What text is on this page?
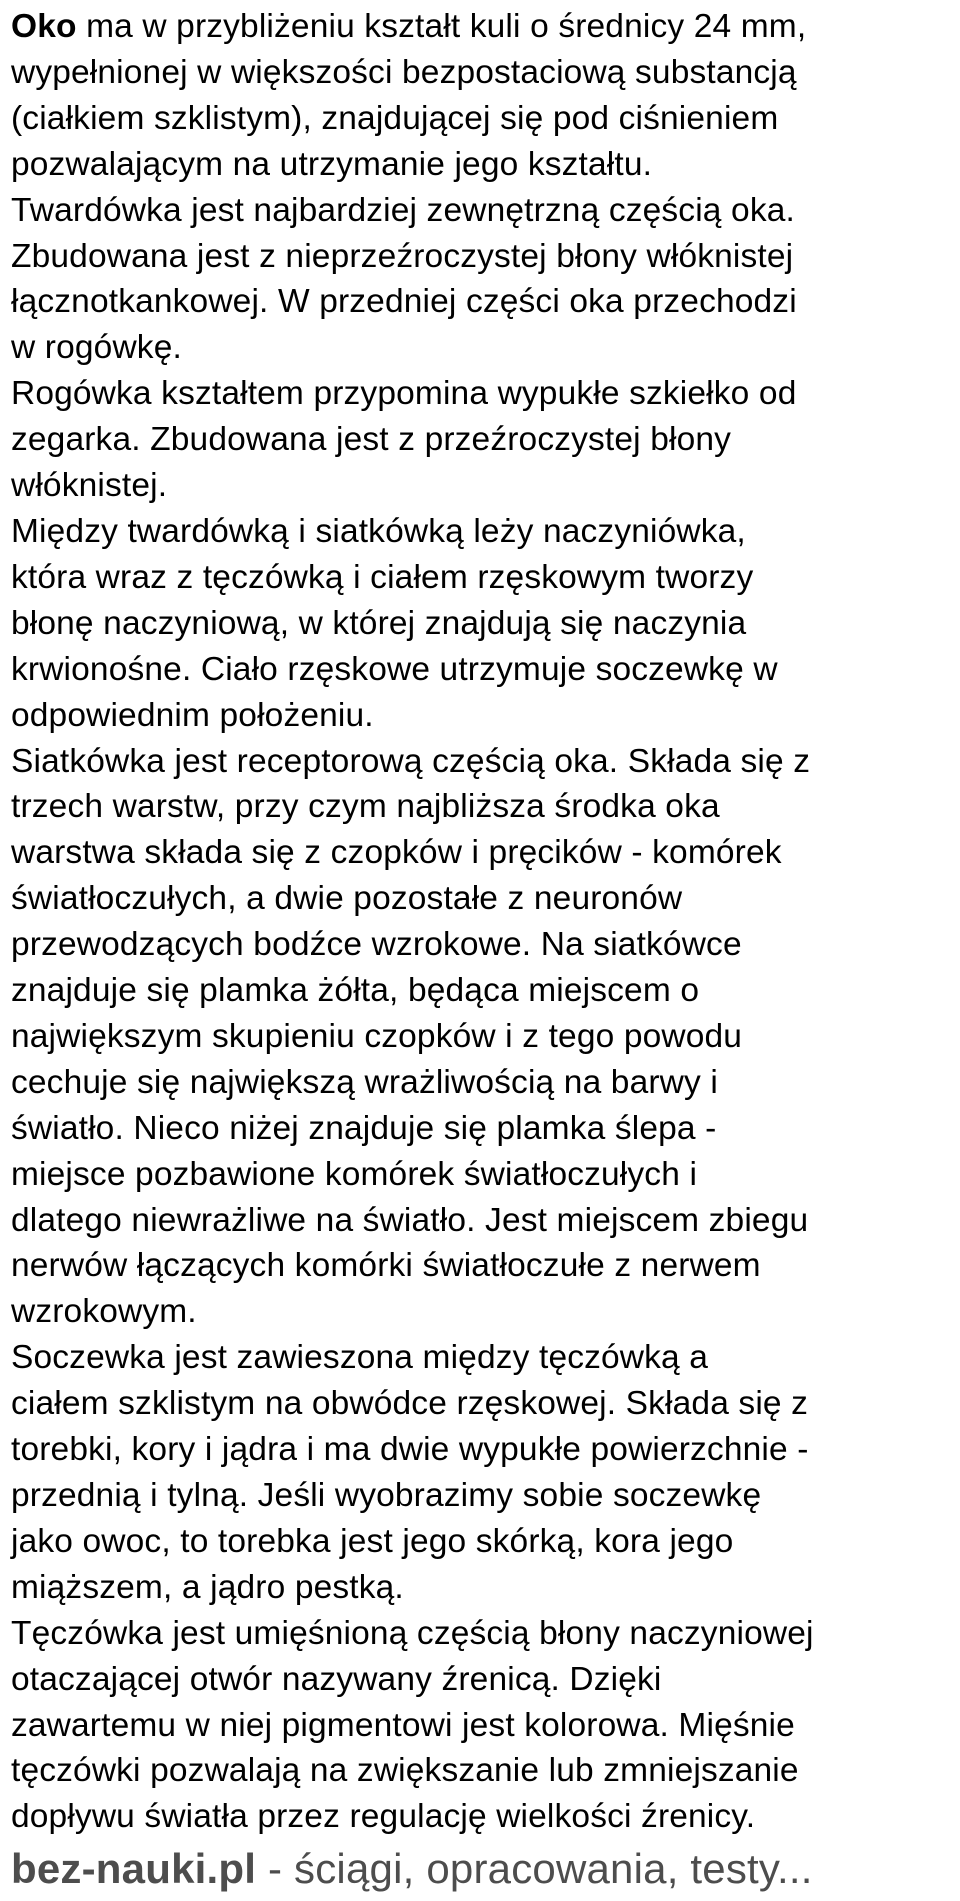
Oko ma w przybliżeniu kształt kuli o średnicy 24 mm,
wypełnionej w większości bezpostaciową substancją
(ciałkiem szklistym), znajdującej się pod ciśnieniem
pozwalającym na utrzymanie jego kształtu.

Twardówka jest najbardziej zewnętrzną częścią oka.
Zbudowana jest z nieprzeźroczystej błony włóknistej
łącznotkankowej. W przedniej części oka przechodzi
w rogówkę.

Rogówka kształtem przypomina wypukłe szkiełko od
zegarka. Zbudowana jest z przeźroczystej błony
włóknistej.

Między twardówką i siatkówką leży naczyniówka,
która wraz z tęczówką i ciałem rzęskowym tworzy
błonę naczyniową, w której znajdują się naczynia
krwionośne. Ciało rzęskowe utrzymuje soczewkę w
odpowiednim położeniu.

Siatkówka jest receptorową częścią oka. Składa się z
trzech warstw, przy czym najbliższa środka oka
warstwa składa się z czopków i pręcików - komórek
światłoczułych, a dwie pozostałe z neuronów
przewodzących bodźce wzrokowe. Na siatkówce
znajduje się plamka żółta, będąca miejscem o
największym skupieniu czopków i z tego powodu
cechuje się największą wrażliwością na barwy i
światło. Nieco niżej znajduje się plamka ślepa -
miejsce pozbawione komórek światłoczułych i
dlatego niewrażliwe na światło. Jest miejscem zbiegu
nerwów łączących komórki światłoczułe z nerwem
wzrokowym.

Soczewka jest zawieszona między tęczówką a
ciałem szklistym na obwódce rzęskowej. Składa się z
torebki, kory i jądra i ma dwie wypukłe powierzchnie -
przednią i tylną. Jeśli wyobrazimy sobie soczewkę
jako owoc, to torebka jest jego skórką, kora jego
miąższem, a jądro pestką.

Tęczówka jest umięśnioną częścią błony naczyniowej
otaczającej otwór nazywany źrenicą. Dzięki
zawartemu w niej pigmentowi jest kolorowa. Mięśnie
tęczówki pozwalają na zwiększanie lub zmniejszanie
dopływu światła przez regulację wielkości źrenicy.

bez-nauki.pl - ściągi, opracowania, testy...
